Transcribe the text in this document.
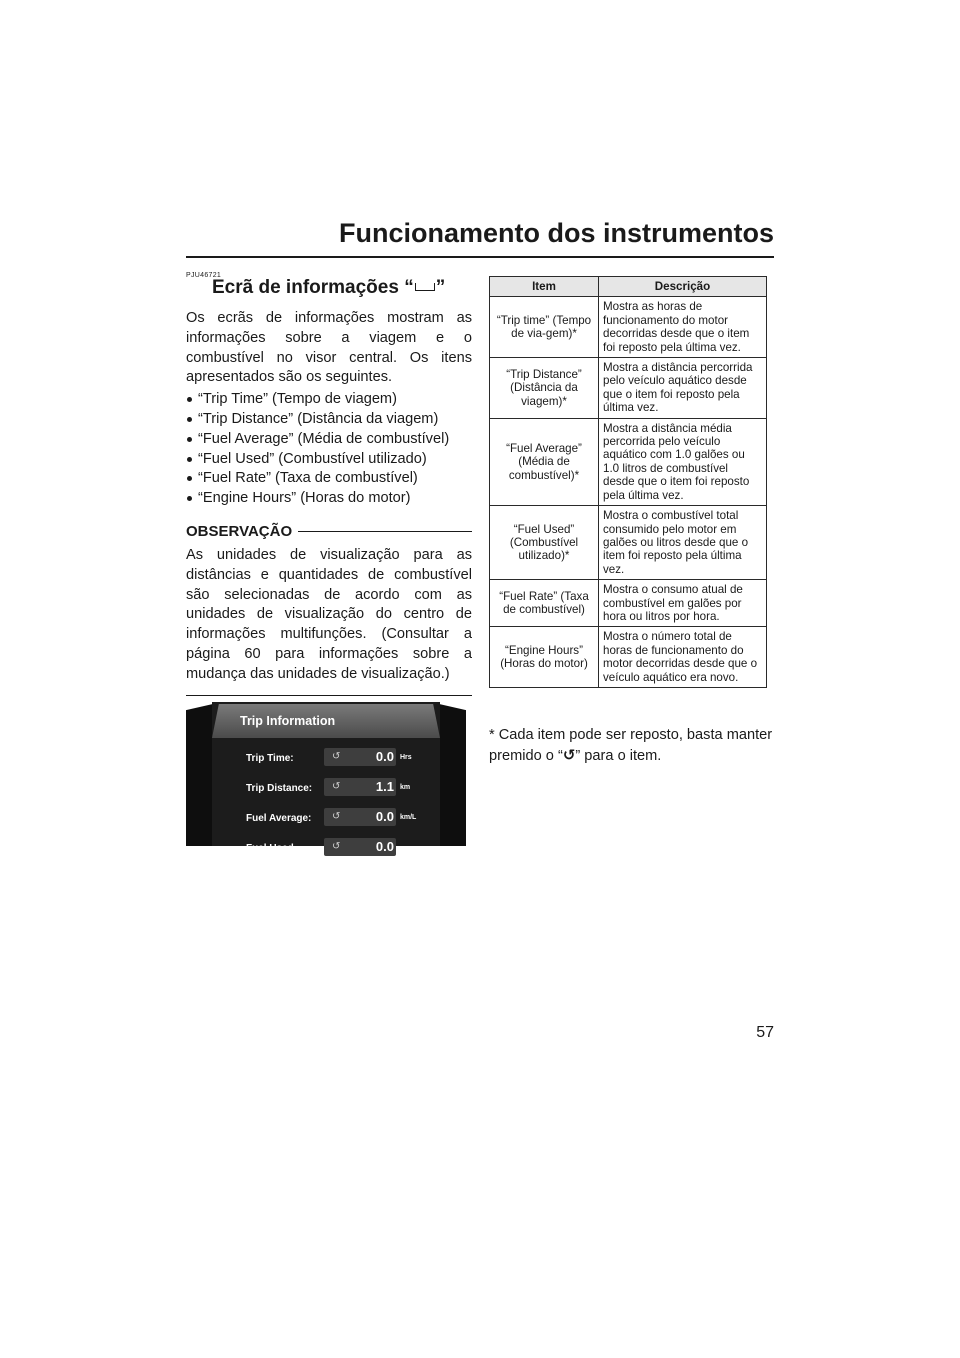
Funcionamento dos instrumentos
PJU46721
Ecrã de informações “ ”

Os ecrãs de informações mostram as informações sobre a viagem e o combustível no visor central. Os itens apresentados são os seguintes.

“Trip Time” (Tempo de viagem)
“Trip Distance” (Distância da viagem)
“Fuel Average” (Média de combustível)
“Fuel Used” (Combustível utilizado)
“Fuel Rate” (Taxa de combustível)
“Engine Hours” (Horas do motor)
OBSERVAÇÃO

As unidades de visualização para as distâncias e quantidades de combustível são selecionadas de acordo com as unidades de visualização do centro de informações multifunções. (Consultar a página 60 para informações sobre a mudança das unidades de visualização.)

Trip Information
Trip Time:	↺	0.0 Hrs
Trip Distance: ↺	1.1 km
Fuel Average: ↺	0.0 km/L
Fuel Used	↺	0.0
Item	Descrição
“Trip time” (Tempo de via-gem)*	Mostra as horas de funcionamento do motor decorridas desde que o item foi reposto pela última vez.
“Trip Distance” (Distância da viagem)*	Mostra a distância percorrida pelo veículo aquático desde que o item foi reposto pela última vez.
“Fuel Average” (Média de combustível)*	Mostra a distância média percorrida pelo veículo aquático com 1.0 galões ou 1.0 litros de combustível desde que o item foi reposto pela última vez.
“Fuel Used” (Combustível utilizado)*	Mostra o combustível total consumido pelo motor em galões ou litros desde que o item foi reposto pela última vez.
“Fuel Rate” (Taxa de combustível)	Mostra o consumo atual de combustível em galões por hora ou litros por hora.
“Engine Hours” (Horas do motor)	Mostra o número total de horas de funcionamento do motor decorridas desde que o veículo aquático era novo.
* Cada item pode ser reposto, basta manter premido o “↺” para o item.
57
